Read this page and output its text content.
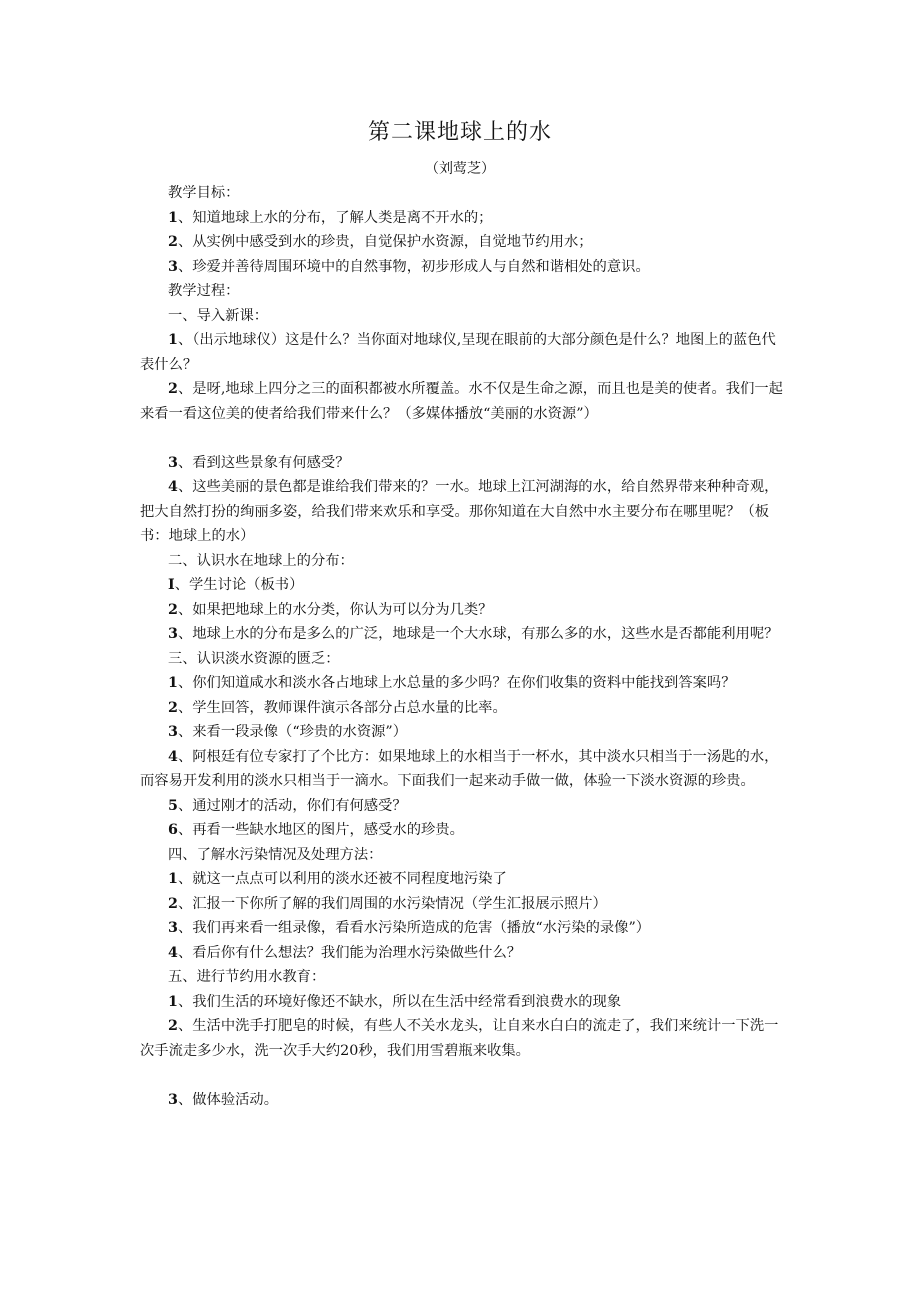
第二课地球上的水
（刘莺芝）

教学目标：

1、知道地球上水的分布，了解人类是离不开水的；

2、从实例中感受到水的珍贵，自觉保护水资源，自觉地节约用水；

3、珍爱并善待周围环境中的自然事物，初步形成人与自然和谐相处的意识。

教学过程：

一、导入新课：

1、（出示地球仪）这是什么？当你面对地球仪,呈现在眼前的大部分颜色是什么？地图上的蓝色代表什么？

2、是呀,地球上四分之三的面积都被水所覆盖。水不仅是生命之源，而且也是美的使者。我们一起来看一看这位美的使者给我们带来什么？（多媒体播放“美丽的水资源”）

3、看到这些景象有何感受？

4、这些美丽的景色都是谁给我们带来的？一水。地球上江河湖海的水，给自然界带来种种奇观，把大自然打扮的绚丽多姿，给我们带来欢乐和享受。那你知道在大自然中水主要分布在哪里呢？（板书：地球上的水）

二、认识水在地球上的分布：

I、学生讨论（板书）

2、如果把地球上的水分类，你认为可以分为几类？

3、地球上水的分布是多么的广泛，地球是一个大水球，有那么多的水，这些水是否都能利用呢？

三、认识淡水资源的匮乏：

1、你们知道咸水和淡水各占地球上水总量的多少吗？在你们收集的资料中能找到答案吗？

2、学生回答，教师课件演示各部分占总水量的比率。

3、来看一段录像（“珍贵的水资源”）

4、阿根廷有位专家打了个比方：如果地球上的水相当于一杯水，其中淡水只相当于一汤匙的水，而容易开发利用的淡水只相当于一滴水。下面我们一起来动手做一做，体验一下淡水资源的珍贵。

5、通过刚才的活动，你们有何感受？

6、再看一些缺水地区的图片，感受水的珍贵。

四、了解水污染情况及处理方法：

1、就这一点点可以利用的淡水还被不同程度地污染了

2、汇报一下你所了解的我们周围的水污染情况（学生汇报展示照片）

3、我们再来看一组录像，看看水污染所造成的危害（播放“水污染的录像”）

4、看后你有什么想法？我们能为治理水污染做些什么？

五、进行节约用水教育：

1、我们生活的环境好像还不缺水，所以在生活中经常看到浪费水的现象

2、生活中洗手打肥皂的时候，有些人不关水龙头，让自来水白白的流走了，我们来统计一下洗一次手流走多少水，洗一次手大约20秒，我们用雪碧瓶来收集。

3、做体验活动。
